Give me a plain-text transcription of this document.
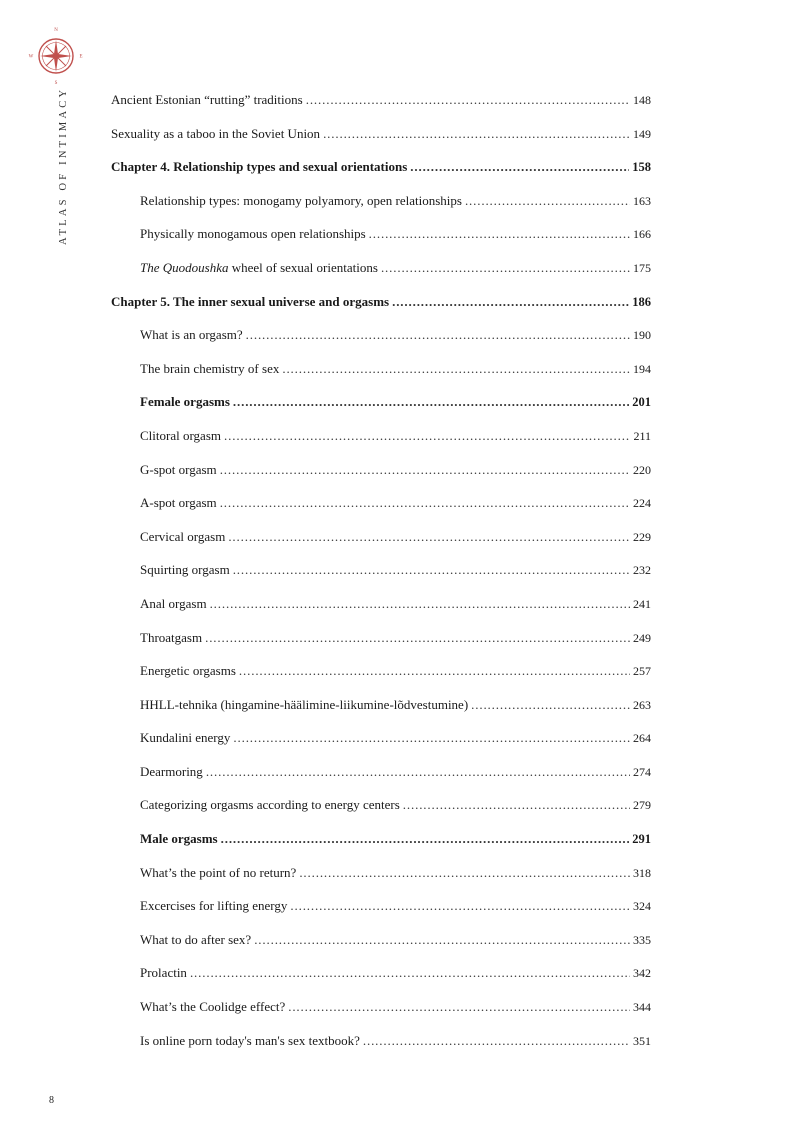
N
E
S
W
ATLAS OF INTIMACY	Ancient Estonian “rutting” traditions . . .	148
Sexuality as a taboo in the Soviet Union . . .	149
Chapter 4. Relationship types and sexual orientations . . .	158
Relationship types: monogamy polyamory, open relationships . . .	163
Physically monogamous open relationships . . .	166
The Quodoushka wheel of sexual orientations . . .	175
Chapter 5. The inner sexual universe and orgasms . . .	186
What is an orgasm? . . .	190
The brain chemistry of sex . . .	194
Female orgasms . . .	201
Clitoral orgasm . . .	211
G-spot orgasm . . .	220
A-spot orgasm . . .	224
Cervical orgasm . . .	229
Squirting orgasm . . .	232
Anal orgasm . . .	241
Throatgasm . . .	249
Energetic orgasms . . .	257
HHLL-tehnika (hingamine-häälimine-liikumine-lõdvestumine) . . .	263
Kundalini energy . . .	264
Dearmoring . . .	274
Categorizing orgasms according to energy centers . . .	279
Male orgasms . . .	291
What’s the point of no return? . . .	318
Excercises for lifting energy . . .	324
What to do after sex? . . .	335
Prolactin . . .	342
What’s the Coolidge effect? . . .	344
Is online porn today's man's sex textbook? . . .	351
8
